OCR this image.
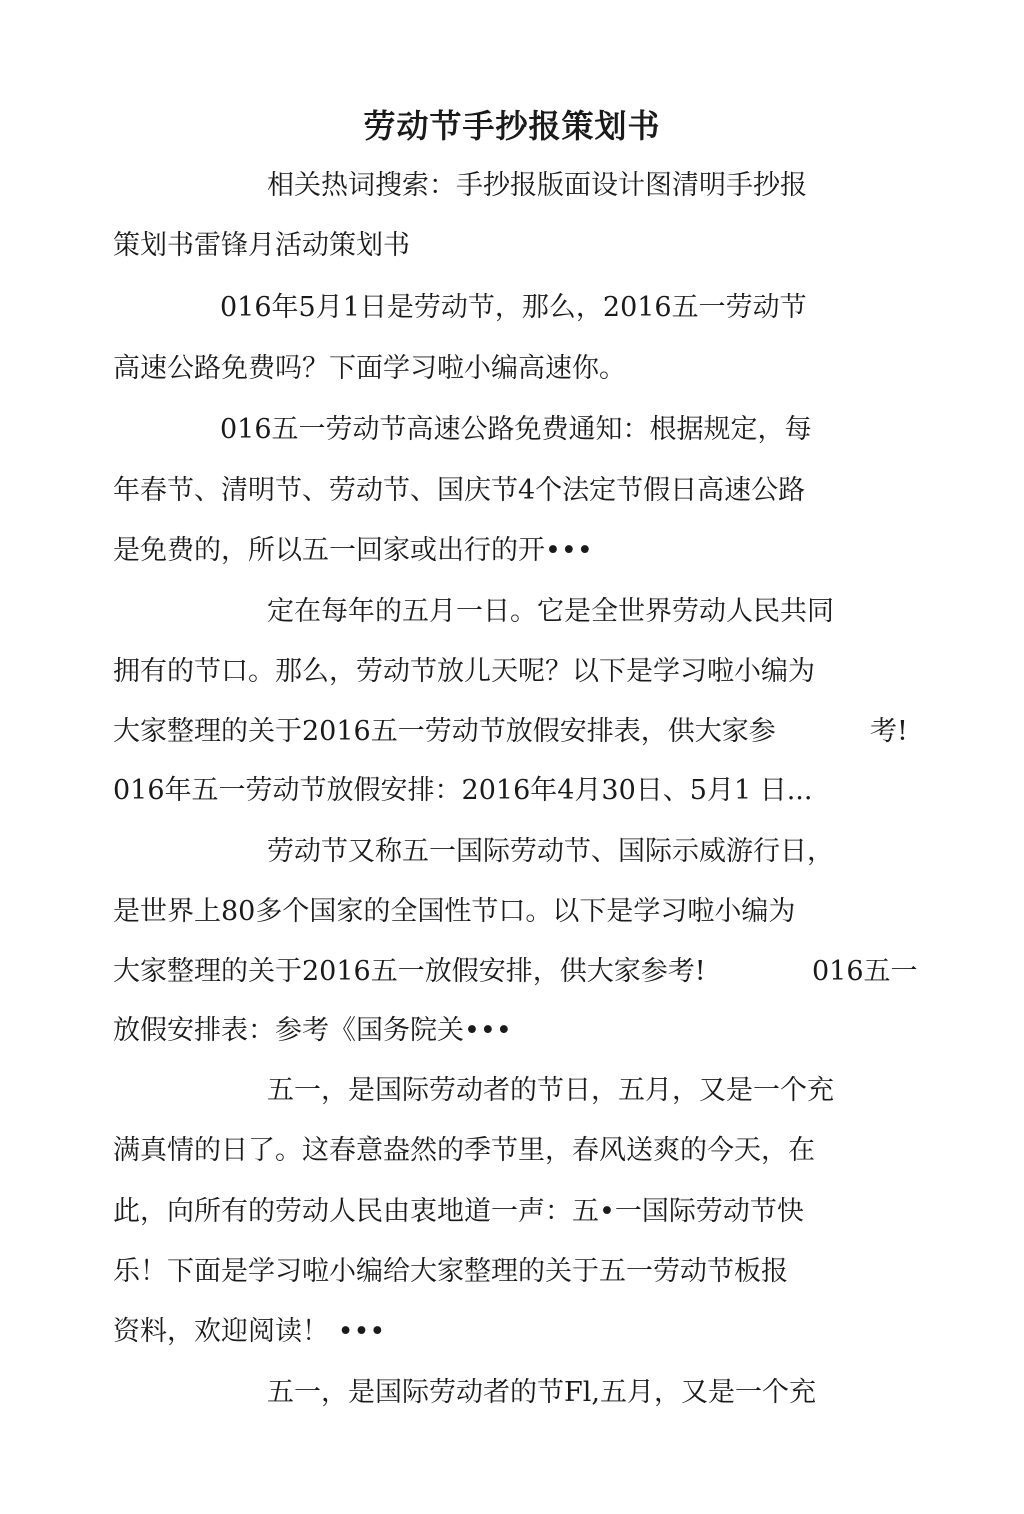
劳动节手抄报策划书
相关热词搜索：手抄报版面设计图清明手抄报
策划书雷锋月活动策划书
016年5月1日是劳动节，那么，2016五一劳动节
高速公路免费吗？下面学习啦小编高速你。
016五一劳动节高速公路免费通知：根据规定，每
年春节、清明节、劳动节、国庆节4个法定节假日高速公路
是免费的，所以五一回家或出行的开•••
定在每年的五月一日。它是全世界劳动人民共同
拥有的节口。那么，劳动节放儿天呢？以下是学习啦小编为
大家整理的关于2016五一劳动节放假安排表，供大家参	考!
016年五一劳动节放假安排：2016年4月30日、5月1 日...
劳动节又称五一国际劳动节、国际示威游行日，
是世界上80多个国家的全国性节口。以下是学习啦小编为
大家整理的关于2016五一放假安排，供大家参考!	016五一
放假安排表：参考《国务院关•••
五一，是国际劳动者的节日，五月，又是一个充
满真情的日了。这春意盎然的季节里，春风送爽的今天，在
此，向所有的劳动人民由衷地道一声：五•一国际劳动节快
乐！下面是学习啦小编给大家整理的关于五一劳动节板报
资料，欢迎阅读！ •••
五一，是国际劳动者的节Fl,五月，又是一个充
